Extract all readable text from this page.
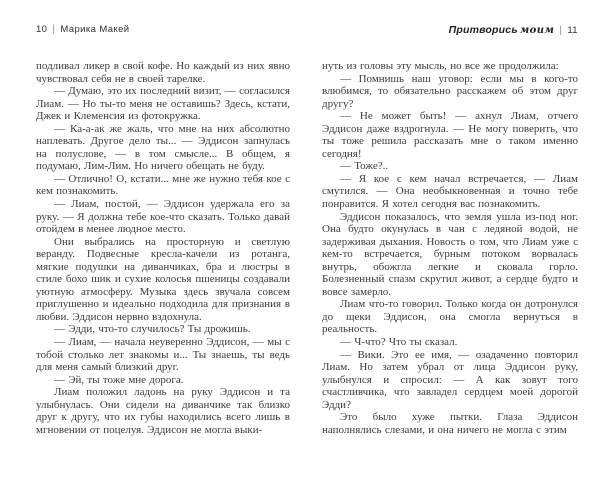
10 | Марика Макей

подливал ликер в свой кофе. Но каждый из них явно чувствовал себя не в своей тарелке.

— Думаю, это их последний визит, — согласился Лиам. — Но ты-то меня не оставишь? Здесь, кстати, Джек и Клеменсия из фотокружка.

— Ка-а-ак же жаль, что мне на них абсолютно наплевать. Другое дело ты... — Эддисон запнулась на полуслове, — в том смысле... В общем, я подумаю, Лим-Лим. Но ничего обещать не буду.

— Отлично! О, кстати... мне же нужно тебя кое с кем познакомить.

— Лиам, постой, — Эддисон удержала его за руку. — Я должна тебе кое-что сказать. Только давай отойдем в менее людное место.

Они выбрались на просторную и светлую веранду. Подвесные кресла-качели из ротанга, мягкие подушки на диванчиках, бра и люстры в стиле бохо шик и сухие колосья пшеницы создавали уютную атмосферу. Музыка здесь звучала совсем приглушенно и идеально подходила для признания в любви. Эддисон нервно вздохнула.

— Эдди, что-то случилось? Ты дрожишь.

— Лиам, — начала неуверенно Эддисон, — мы с тобой столько лет знакомы и... Ты знаешь, ты ведь для меня самый близкий друг.

— Эй, ты тоже мне дорога.

Лиам положил ладонь на руку Эддисон и та улыбнулась. Они сидели на диванчике так близко друг к другу, что их губы находились всего лишь в мгновении от поцелуя. Эддисон не могла выки-

Притворись моим | 11

нуть из головы эту мысль, но все же продолжила:

— Помнишь наш уговор: если мы в кого-то влюбимся, то обязательно расскажем об этом друг другу?

— Не может быть! — ахнул Лиам, отчего Эддисон даже вздрогнула. — Не могу поверить, что ты тоже решила рассказать мне о таком именно сегодня!

— Тоже?..

— Я кое с кем начал встречается, — Лиам смутился. — Она необыкновенная и точно тебе понравится. Я хотел сегодня вас познакомить.

Эддисон показалось, что земля ушла из-под ног. Она будто окунулась в чан с ледяной водой, не задерживая дыхания. Новость о том, что Лиам уже с кем-то встречается, бурным потоком ворвалась внутрь, обожгла легкие и сковала горло. Болезненный спазм скрутил живот, а сердце будто и вовсе замерло.

Лиам что-то говорил. Только когда он дотронулся до щеки Эддисон, она смогла вернуться в реальность.

— Ч-что? Что ты сказал.

— Вики. Это ее имя, — озадаченно повторил Лиам. Но затем убрал от лица Эддисон руку, улыбнулся и спросил: — А как зовут того счастливчика, что завладел сердцем моей дорогой Эдди?

Это было хуже пытки. Глаза Эддисон наполнялись слезами, и она ничего не могла с этим
